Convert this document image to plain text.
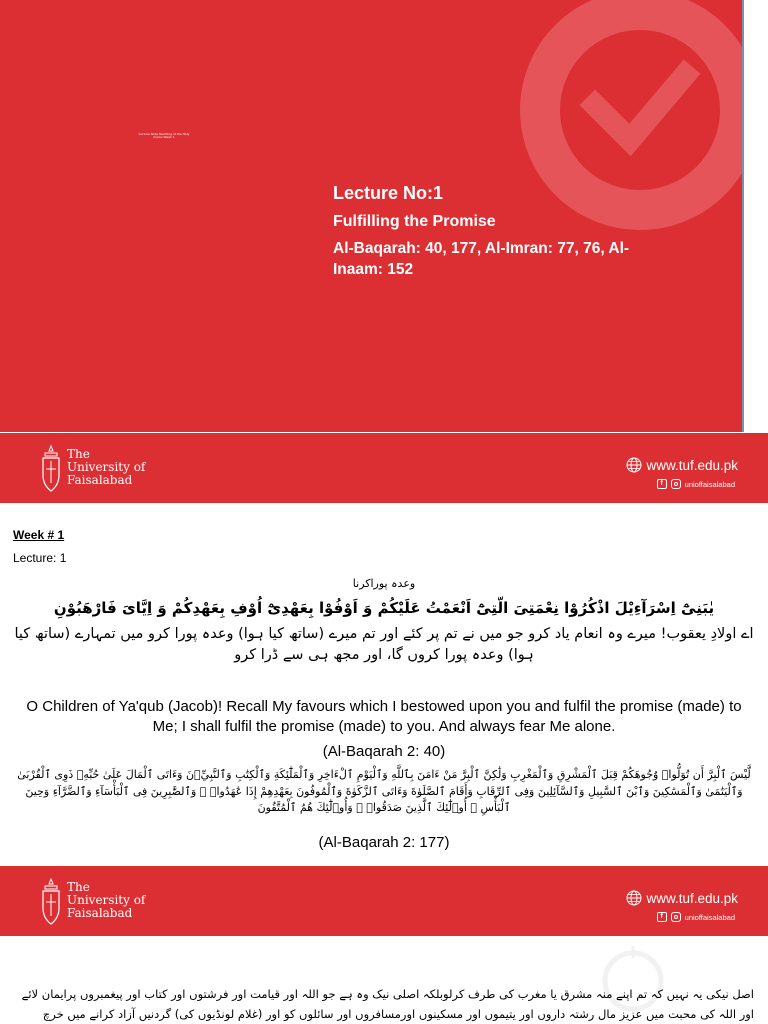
Lecture Note Teaching of the Holy Quran Week 1
Lecture No:1
Fulfilling the Promise
Al-Baqarah: 40, 177, Al-Imran: 77, 76, Al-Inaam: 152
The
University of
Faisalabad
www.tuf.edu.pk
f	unioffaisalabad
Week # 1
Lecture: 1
وعدہ پوراکرنا
يٰبَنِیْٓ اِسْرَآءِیْلَ اذْكُرُوْا نِعْمَتِیَ الَّتِیْٓ اَنْعَمْتُ عَلَیْكُمْ وَ اَوْفُوْا بِعَهْدِیْٓ اُوْفِ بِعَهْدِكُمْ وَ اِیَّایَ فَارْهَبُوْنِ
اے اولادِ یعقوب! میرے وہ انعام یاد کرو جو میں نے تم پر کئے اور تم میرے (ساتھ کیا ہوا) وعدہ پورا کرو میں تمہارے (ساتھ کیا ہوا) وعدہ پورا کروں گا، اور مجھ ہی سے ڈرا کرو
O Children of Ya'qub (Jacob)! Recall My favours which I bestowed upon you and fulfil the promise (made) to Me; I shall fulfil the promise (made) to you. And always fear Me alone.
(Al-Baqarah 2: 40)
لَّيْسَ ٱلْبِرَّ أَن تُوَلُّوا۟ وُجُوهَكُمْ قِبَلَ ٱلْمَشْرِقِ وَٱلْمَغْرِبِ وَلَٰكِنَّ ٱلْبِرَّ مَنْ ءَامَنَ بِٱللَّهِ وَٱلْيَوْمِ ٱلْءَاخِرِ وَٱلْمَلَٰٓئِكَةِ وَٱلْكِتَٰبِ وَٱلنَّبِيِّۦنَ وَءَاتَى ٱلْمَالَ عَلَىٰ حُبِّهِۦ ذَوِى ٱلْقُرْبَىٰ وَٱلْيَتَٰمَىٰ وَٱلْمَسَٰكِينَ وَٱبْنَ ٱلسَّبِيلِ وَٱلسَّآئِلِينَ وَفِى ٱلرِّقَابِ وَأَقَامَ ٱلصَّلَوٰةَ وَءَاتَى ٱلزَّكَوٰةَ وَٱلْمُوفُونَ بِعَهْدِهِمْ إِذَا عَٰهَدُوا۟ ۖ وَٱلصَّٰبِرِينَ فِى ٱلْبَأْسَآءِ وَٱلضَّرَّآءِ وَحِينَ ٱلْبَأْسِ ۗ أُو۟لَٰٓئِكَ ٱلَّذِينَ صَدَقُوا۟ ۖ وَأُو۟لَٰٓئِكَ هُمُ ٱلْمُتَّقُونَ
(Al-Baqarah 2: 177)
The
University of
Faisalabad
www.tuf.edu.pk
f	unioffaisalabad
اصل نیکی یہ نہیں کہ تم اپنے منہ مشرق یا مغرب کی طرف کرلوبلکہ اصلی نیک وہ ہے جو اللہ اور قیامت اور فرشتوں اور کتاب اور پیغمبروں پرایمان لائے اور اللہ کی محبت میں عزیز مال رشتہ داروں اور یتیموں اور مسکینوں اورمسافروں اور سائلوں کو اور (غلام لونڈیوں کی) گردنیں آزاد کرانے میں خرچ
